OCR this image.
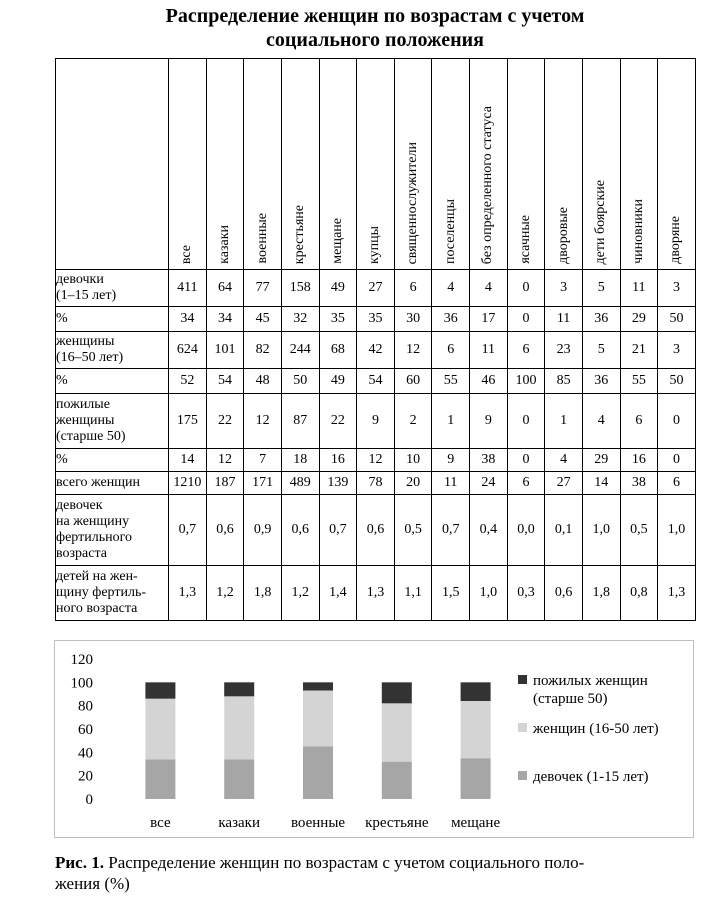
Распределение женщин по возрастам с учетом
социального положения
	все	казаки	военные	крестьяне	мещане	купцы	священнослужители	поселенцы	без определенного статуса	ясачные	дворовые	дети боярские	чиновники	дворяне

девочки
(1–15 лет)	411	64	77	158	49	27	6	4	4	0	3	5	11	3

%	34	34	45	32	35	35	30	36	17	0	11	36	29	50

женщины
(16–50 лет)	624	101	82	244	68	42	12	6	11	6	23	5	21	3

%	52	54	48	50	49	54	60	55	46	100	85	36	55	50

пожилые
женщины
(старше 50)	175	22	12	87	22	9	2	1	9	0	1	4	6	0

%	14	12	7	18	16	12	10	9	38	0	4	29	16	0

всего женщин	1210	187	171	489	139	78	20	11	24	6	27	14	38	6

девочек
на женщину
фертильного
возраста	0,7	0,6	0,9	0,6	0,7	0,6	0,5	0,7	0,4	0,0	0,1	1,0	0,5	1,0

детей на жен-
щину фертиль-
ного возраста	1,3	1,2	1,8	1,2	1,4	1,3	1,1	1,5	1,0	0,3	0,6	1,8	0,8	1,3
0
20
40
60
80
100
120
все	казаки военные крестьяне мещане
пожилых женщин
(старше 50)
женщин (16-50 лет)
девочек (1-15 лет)
Рис. 1. Распределение женщин по возрастам с учетом социального поло-
жения (%)
